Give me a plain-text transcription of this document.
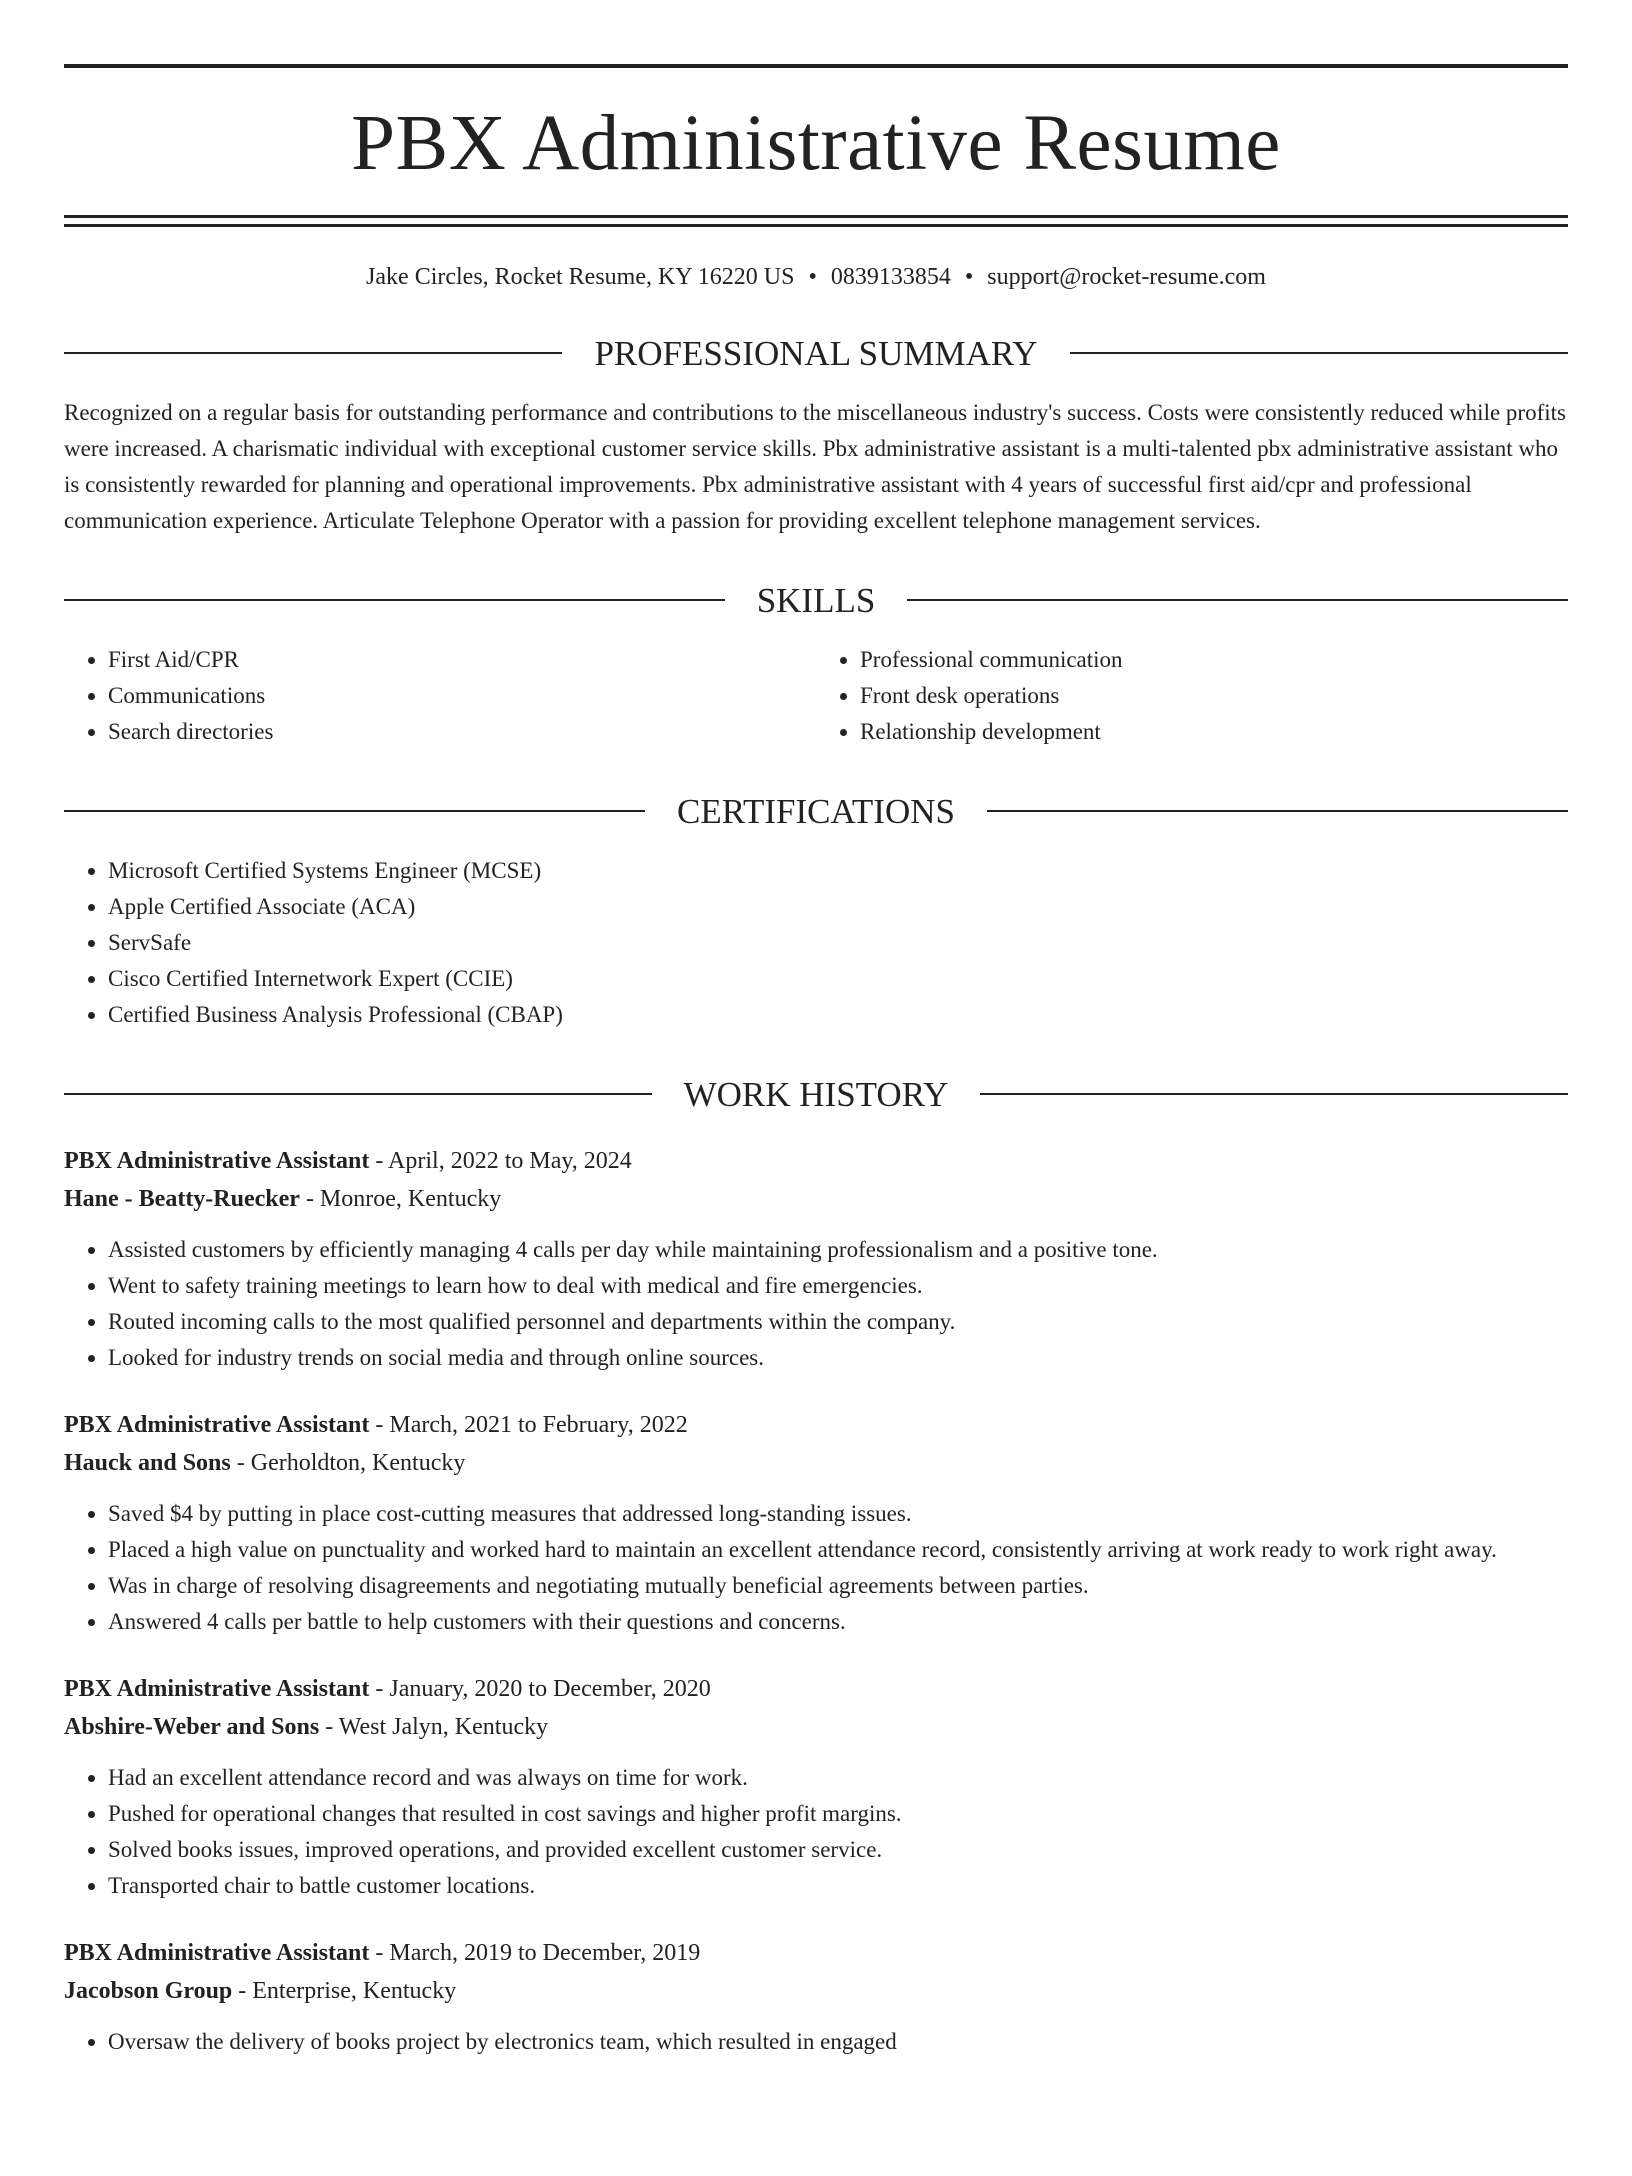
PBX Administrative Resume
Jake Circles, Rocket Resume, KY 16220 US • 0839133854 • support@rocket-resume.com
PROFESSIONAL SUMMARY

Recognized on a regular basis for outstanding performance and contributions to the miscellaneous industry's success. Costs were consistently reduced while profits were increased. A charismatic individual with exceptional customer service skills. Pbx administrative assistant is a multi-talented pbx administrative assistant who is consistently rewarded for planning and operational improvements. Pbx administrative assistant with 4 years of successful first aid/cpr and professional communication experience. Articulate Telephone Operator with a passion for providing excellent telephone management services.

SKILLS
• First Aid/CPR
• Communications
• Search directories
• Professional communication
• Front desk operations
• Relationship development
CERTIFICATIONS
• Microsoft Certified Systems Engineer (MCSE)
• Apple Certified Associate (ACA)
• ServSafe
• Cisco Certified Internetwork Expert (CCIE)
• Certified Business Analysis Professional (CBAP)
WORK HISTORY
PBX Administrative Assistant - April, 2022 to May, 2024
Hane - Beatty-Ruecker - Monroe, Kentucky
• Assisted customers by efficiently managing 4 calls per day while maintaining professionalism and a positive tone.
• Went to safety training meetings to learn how to deal with medical and fire emergencies.
• Routed incoming calls to the most qualified personnel and departments within the company.
• Looked for industry trends on social media and through online sources.
PBX Administrative Assistant - March, 2021 to February, 2022
Hauck and Sons - Gerholdton, Kentucky
• Saved $4 by putting in place cost-cutting measures that addressed long-standing issues.
• Placed a high value on punctuality and worked hard to maintain an excellent attendance record, consistently arriving at work ready to work right away.
• Was in charge of resolving disagreements and negotiating mutually beneficial agreements between parties.
• Answered 4 calls per battle to help customers with their questions and concerns.
PBX Administrative Assistant - January, 2020 to December, 2020
Abshire-Weber and Sons - West Jalyn, Kentucky
• Had an excellent attendance record and was always on time for work.
• Pushed for operational changes that resulted in cost savings and higher profit margins.
• Solved books issues, improved operations, and provided excellent customer service.
• Transported chair to battle customer locations.
PBX Administrative Assistant - March, 2019 to December, 2019
Jacobson Group - Enterprise, Kentucky
• Oversaw the delivery of books project by electronics team, which resulted in engaged
